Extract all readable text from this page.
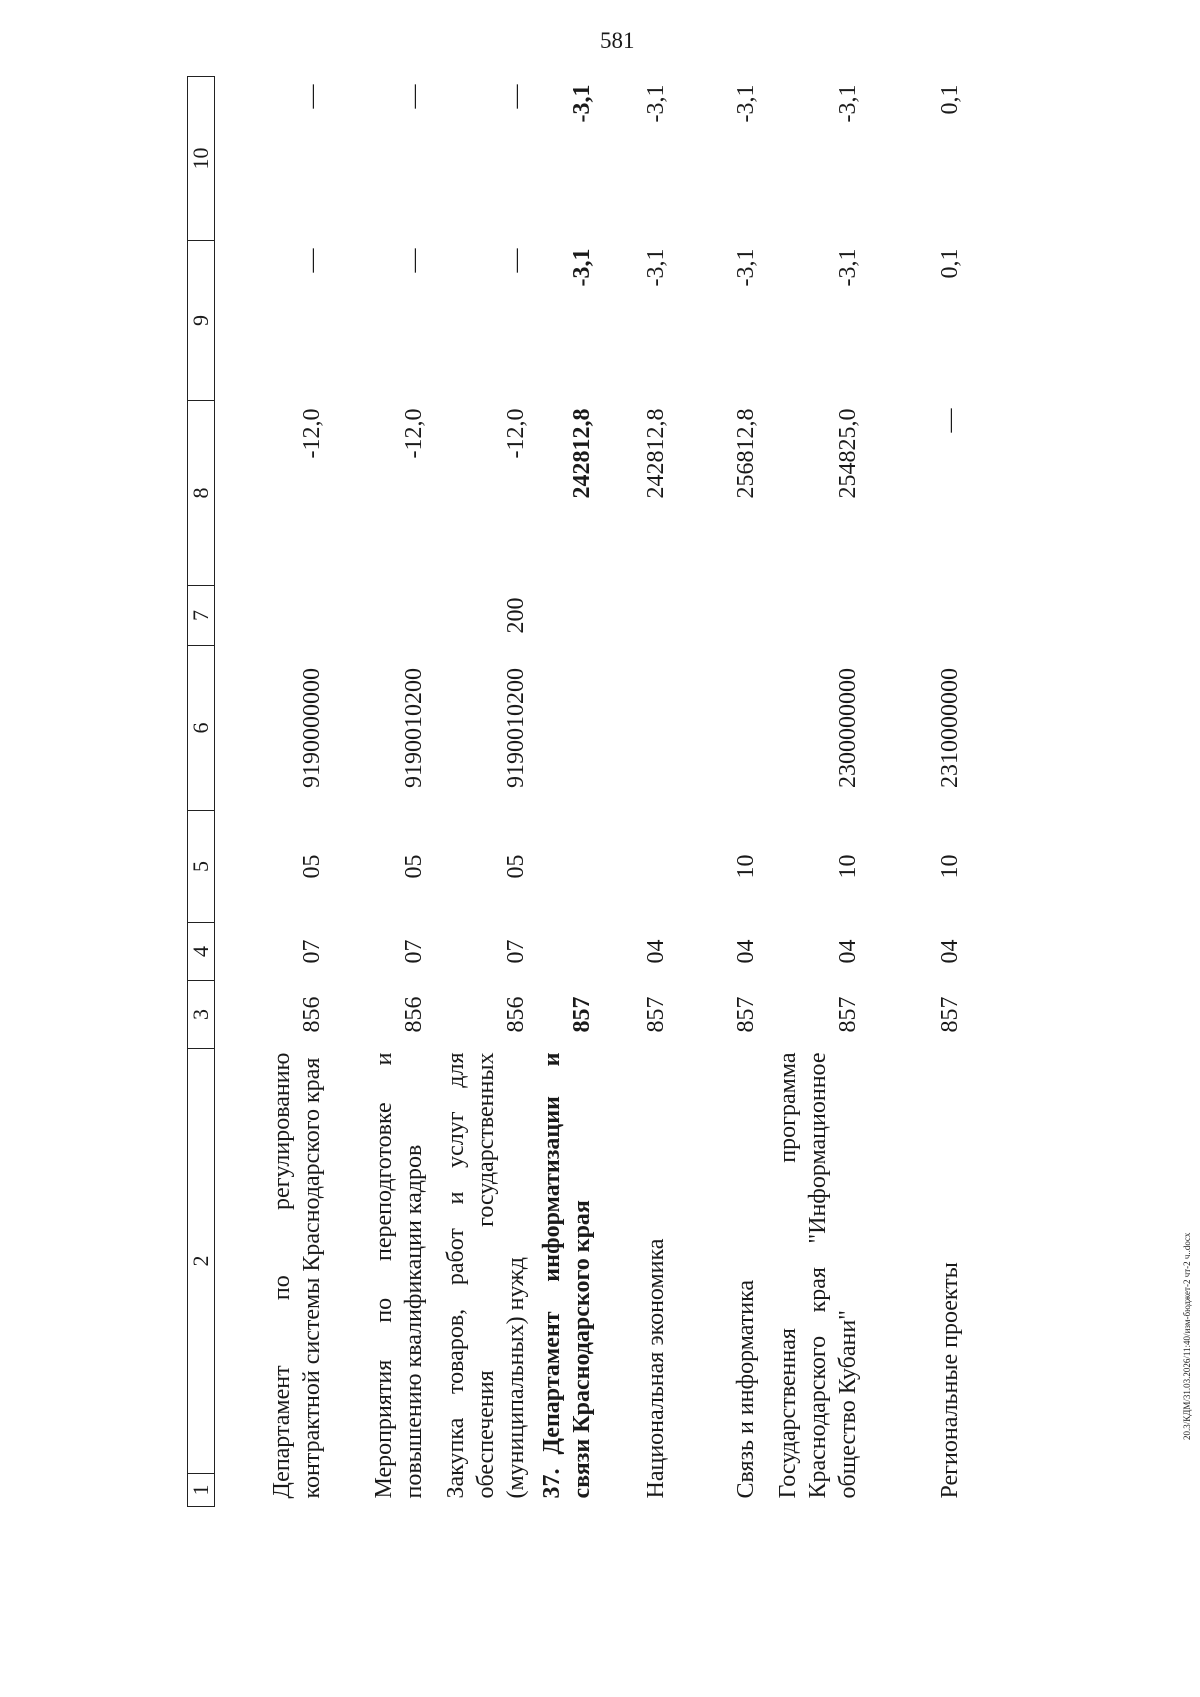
581
20.3/КДМ/31.03.2026/11:40/изм-бюджет-2 чт-2 ч..docx
1	2	3	4	5	6	7	8	9	10
Департамент по регулированию контрактной системы Краснодарского края		856	07	05	9190000000		-12,0	—	—
Мероприятия по переподготовке и повышению квалификации кадров		856	07	05	9190010200		-12,0	—	—
Закупка товаров, работ и услуг для обеспечения государственных (муниципальных) нужд		856	07	05	9190010200	200	-12,0	—	—
37.Департамент информатизации и связи Краснодарского края		857					242812,8	-3,1	-3,1
Национальная экономика		857	04				242812,8	-3,1	-3,1
Связь и информатика		857	04	10			256812,8	-3,1	-3,1
Государственная программа Краснодарского края "Информационное общество Кубани"		857	04	10	2300000000		254825,0	-3,1	-3,1
Региональные проекты		857	04	10	2310000000		—	0,1	0,1
